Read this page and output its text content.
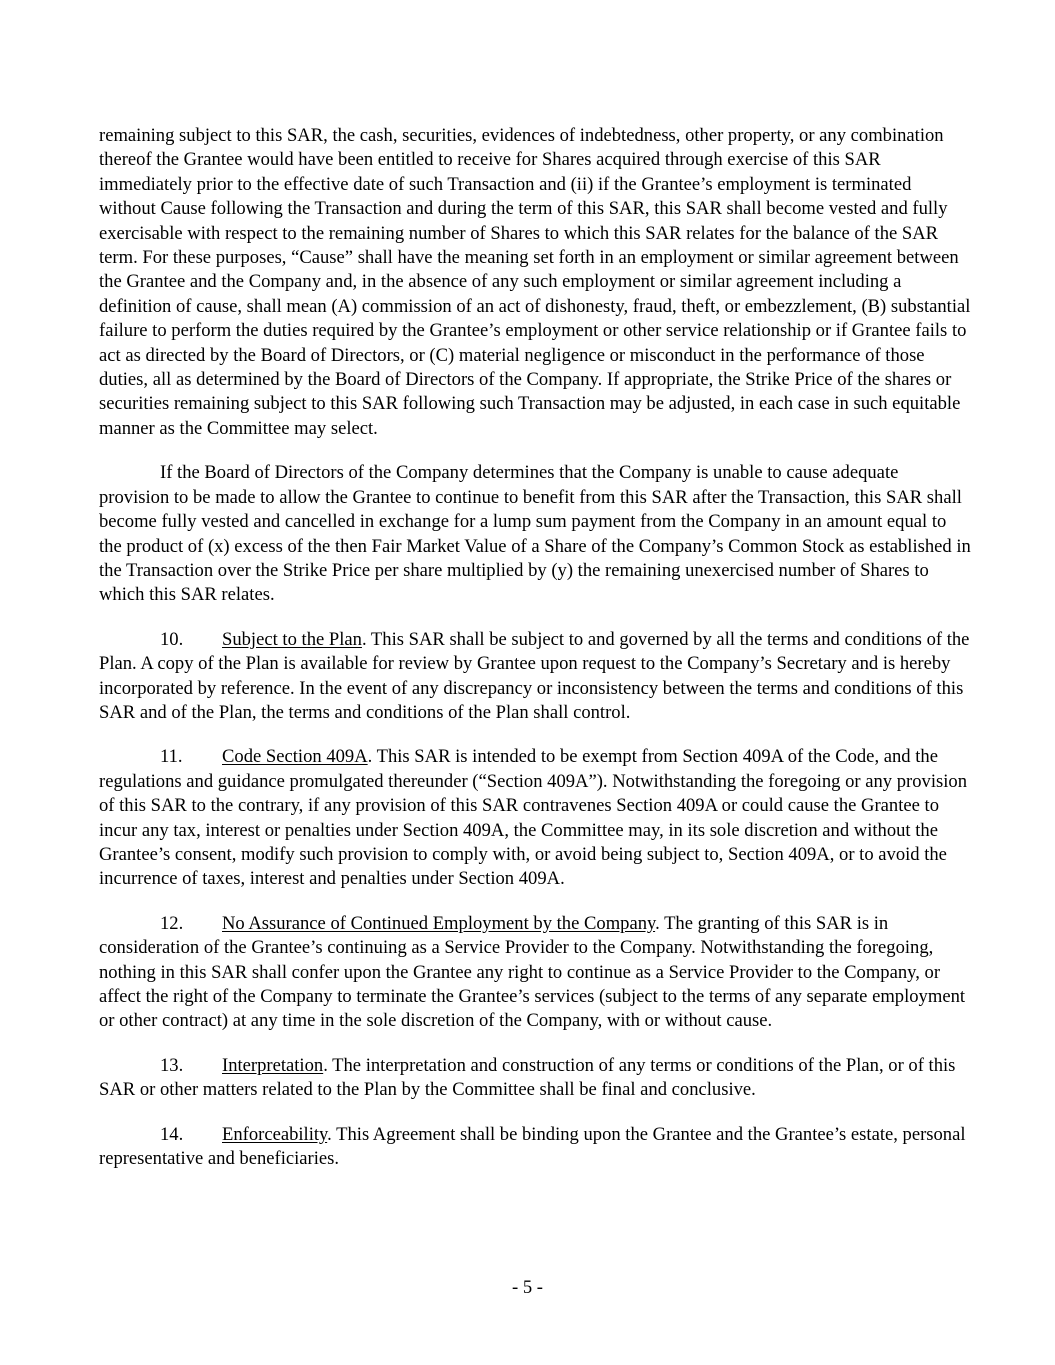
remaining subject to this SAR, the cash, securities, evidences of indebtedness, other property, or any combination thereof the Grantee would have been entitled to receive for Shares acquired through exercise of this SAR immediately prior to the effective date of such Transaction and (ii) if the Grantee’s employment is terminated without Cause following the Transaction and during the term of this SAR, this SAR shall become vested and fully exercisable with respect to the remaining number of Shares to which this SAR relates for the balance of the SAR term. For these purposes, “Cause” shall have the meaning set forth in an employment or similar agreement between the Grantee and the Company and, in the absence of any such employment or similar agreement including a definition of cause, shall mean (A) commission of an act of dishonesty, fraud, theft, or embezzlement, (B) substantial failure to perform the duties required by the Grantee’s employment or other service relationship or if Grantee fails to act as directed by the Board of Directors, or (C) material negligence or misconduct in the performance of those duties, all as determined by the Board of Directors of the Company. If appropriate, the Strike Price of the shares or securities remaining subject to this SAR following such Transaction may be adjusted, in each case in such equitable manner as the Committee may select.

If the Board of Directors of the Company determines that the Company is unable to cause adequate provision to be made to allow the Grantee to continue to benefit from this SAR after the Transaction, this SAR shall become fully vested and cancelled in exchange for a lump sum payment from the Company in an amount equal to the product of (x) excess of the then Fair Market Value of a Share of the Company’s Common Stock as established in the Transaction over the Strike Price per share multiplied by (y) the remaining unexercised number of Shares to which this SAR relates.

10. Subject to the Plan. This SAR shall be subject to and governed by all the terms and conditions of the Plan. A copy of the Plan is available for review by Grantee upon request to the Company’s Secretary and is hereby incorporated by reference. In the event of any discrepancy or inconsistency between the terms and conditions of this SAR and of the Plan, the terms and conditions of the Plan shall control.

11. Code Section 409A. This SAR is intended to be exempt from Section 409A of the Code, and the regulations and guidance promulgated thereunder (“Section 409A”). Notwithstanding the foregoing or any provision of this SAR to the contrary, if any provision of this SAR contravenes Section 409A or could cause the Grantee to incur any tax, interest or penalties under Section 409A, the Committee may, in its sole discretion and without the Grantee’s consent, modify such provision to comply with, or avoid being subject to, Section 409A, or to avoid the incurrence of taxes, interest and penalties under Section 409A.

12. No Assurance of Continued Employment by the Company. The granting of this SAR is in consideration of the Grantee’s continuing as a Service Provider to the Company. Notwithstanding the foregoing, nothing in this SAR shall confer upon the Grantee any right to continue as a Service Provider to the Company, or affect the right of the Company to terminate the Grantee’s services (subject to the terms of any separate employment or other contract) at any time in the sole discretion of the Company, with or without cause.

13. Interpretation. The interpretation and construction of any terms or conditions of the Plan, or of this SAR or other matters related to the Plan by the Committee shall be final and conclusive.

14. Enforceability. This Agreement shall be binding upon the Grantee and the Grantee’s estate, personal representative and beneficiaries.

- 5 -
